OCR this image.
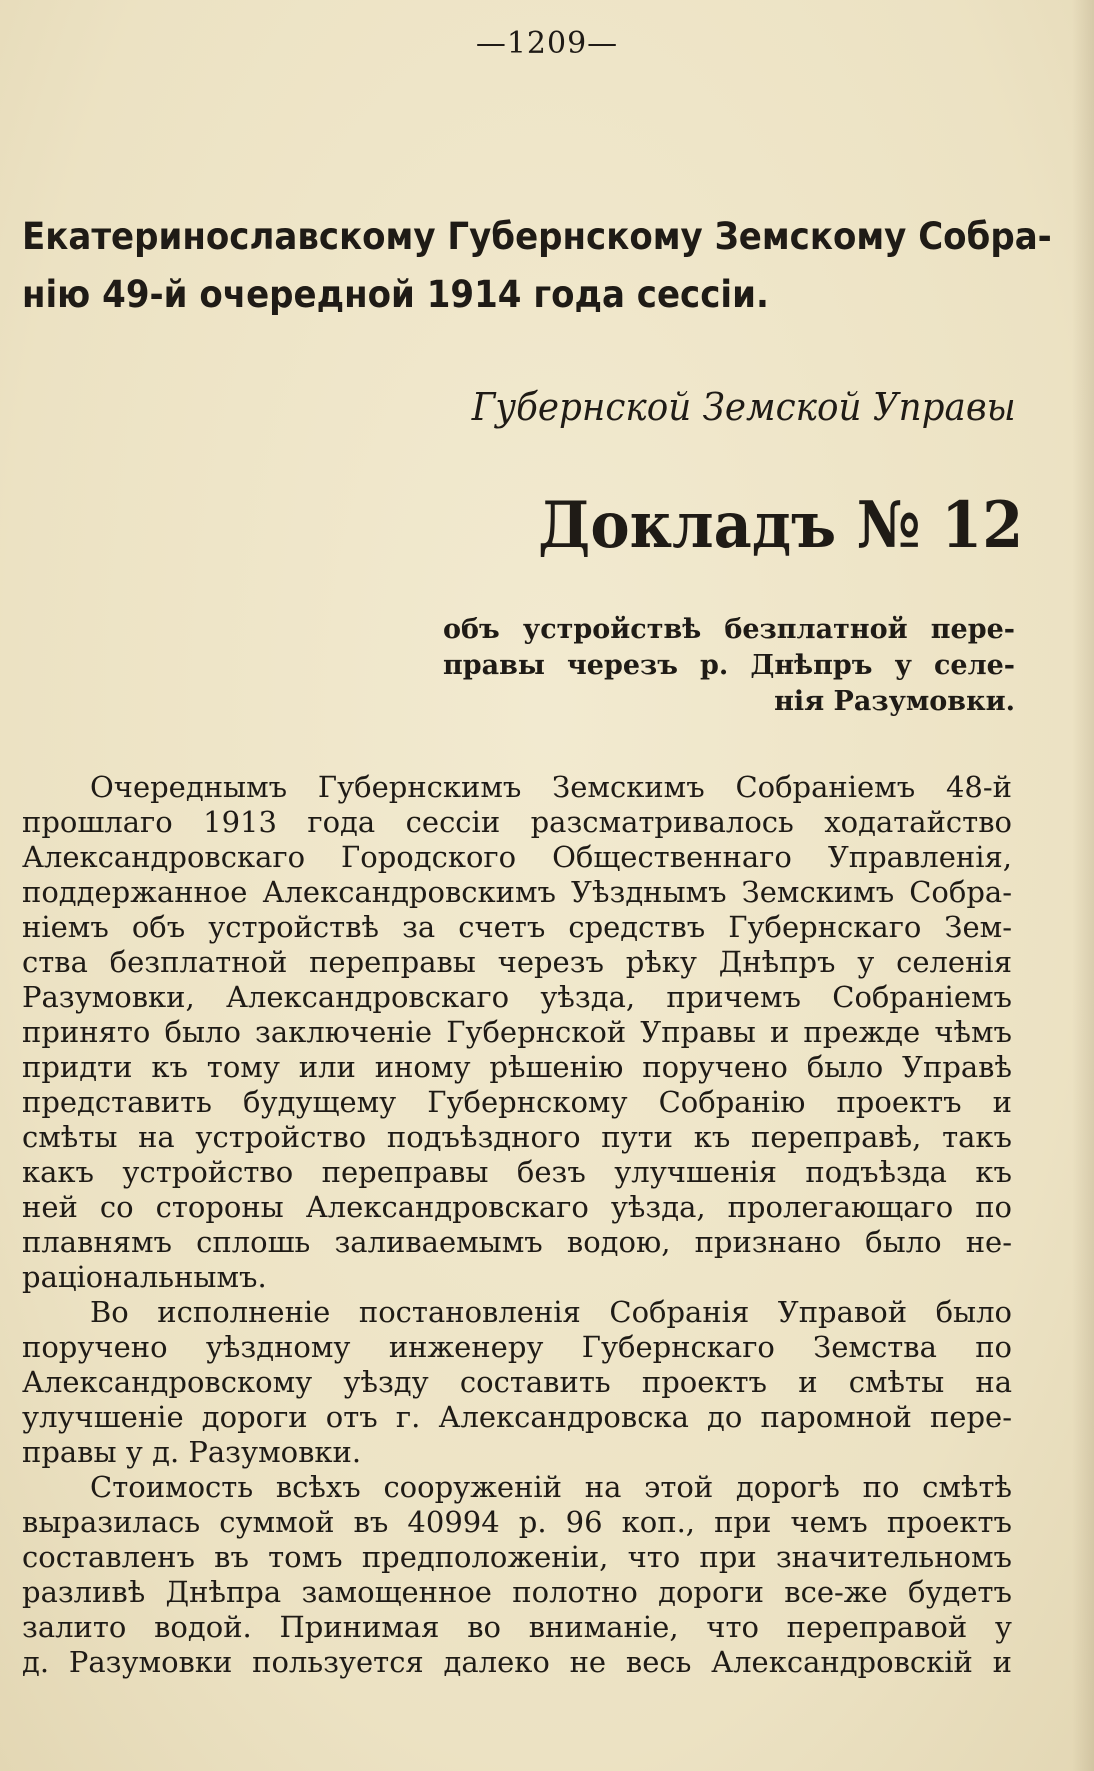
—1209—
Екатеринославскому Губернскому Земскому Собра-
нію 49-й очередной 1914 года сессіи.
Губернской Земской Управы
Докладъ № 12
объ устройствѣ безплатной пере-
правы черезъ р. Днѣпръ у селе-
нія Разумовки.
Очереднымъ Губернскимъ Земскимъ Собраніемъ 48-й
прошлаго 1913 года сессіи разсматривалось ходатайство
Александровскаго Городского Общественнаго Управленія,
поддержанное Александровскимъ Уѣзднымъ Земскимъ Собра-
ніемъ объ устройствѣ за счетъ средствъ Губернскаго Зем-
ства безплатной переправы черезъ рѣку Днѣпръ у селенія
Разумовки, Александровскаго уѣзда, причемъ Собраніемъ
принято было заключеніе Губернской Управы и прежде чѣмъ
придти къ тому или иному рѣшенію поручено было Управѣ
представить будущему Губернскому Собранію проектъ и
смѣты на устройство подъѣздного пути къ переправѣ, такъ
какъ устройство переправы безъ улучшенія подъѣзда къ
ней со стороны Александровскаго уѣзда, пролегающаго по
плавнямъ сплошь заливаемымъ водою, признано было не-
раціональнымъ.
Во исполненіе постановленія Собранія Управой было
поручено уѣздному инженеру Губернскаго Земства по
Александровскому уѣзду составить проектъ и смѣты на
улучшеніе дороги отъ г. Александровска до паромной пере-
правы у д. Разумовки.
Стоимость всѣхъ сооруженій на этой дорогѣ по смѣтѣ
выразилась суммой въ 40994 р. 96 коп., при чемъ проектъ
составленъ въ томъ предположеніи, что при значительномъ
разливѣ Днѣпра замощенное полотно дороги все-же будетъ
залито водой. Принимая во вниманіе, что переправой у
д. Разумовки пользуется далеко не весь Александровскій и
